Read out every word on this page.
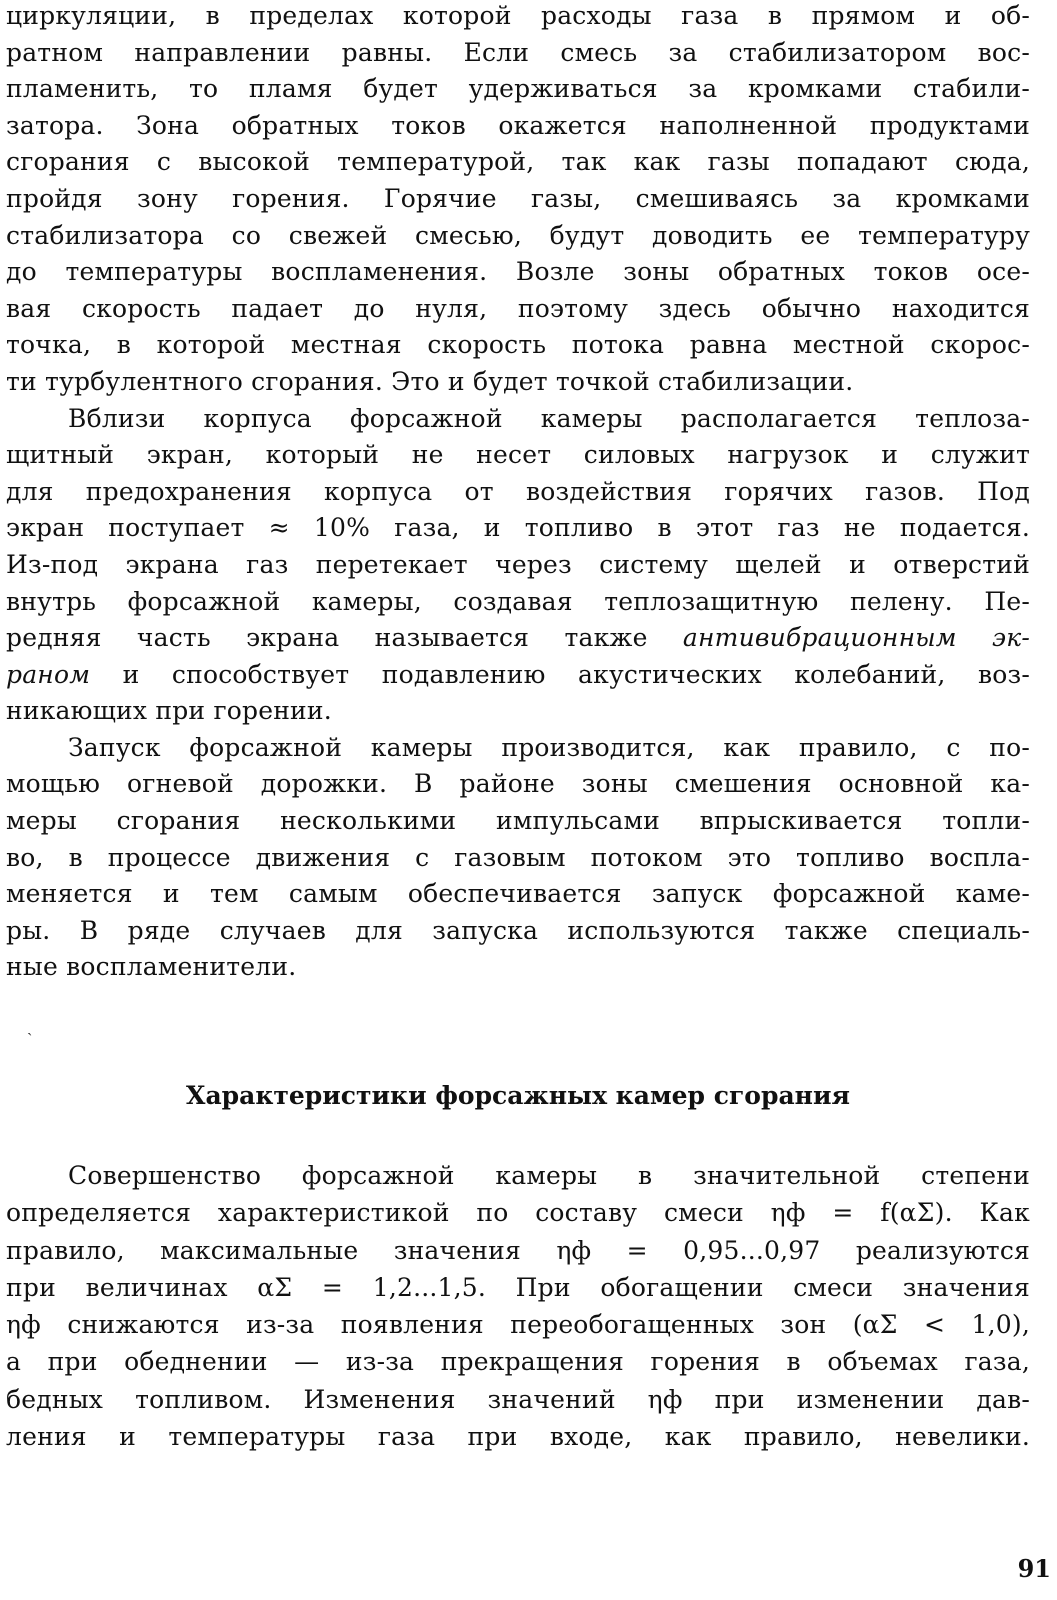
циркуляции, в пределах которой расходы газа в прямом и об-
ратном направлении равны. Если смесь за стабилизатором вос-
пламенить, то пламя будет удерживаться за кромками стабили-
затора. Зона обратных токов окажется наполненной продуктами
сгорания с высокой температурой, так как газы попадают сюда,
пройдя зону горения. Горячие газы, смешиваясь за кромками
стабилизатора со свежей смесью, будут доводить ее температуру
до температуры воспламенения. Возле зоны обратных токов осе-
вая скорость падает до нуля, поэтому здесь обычно находится
точка, в которой местная скорость потока равна местной скорос-
ти турбулентного сгорания. Это и будет точкой стабилизации.
Вблизи корпуса форсажной камеры располагается теплоза-
щитный экран, который не несет силовых нагрузок и служит
для предохранения корпуса от воздействия горячих газов. Под
экран поступает ≈ 10% газа, и топливо в этот газ не подается.
Из-под экрана газ перетекает через систему щелей и отверстий
внутрь форсажной камеры, создавая теплозащитную пелену. Пе-
редняя часть экрана называется также антивибрационным эк-
раном и способствует подавлению акустических колебаний, воз-
никающих при горении.
Запуск форсажной камеры производится, как правило, с по-
мощью огневой дорожки. В районе зоны смешения основной ка-
меры сгорания несколькими импульсами впрыскивается топли-
во, в процессе движения с газовым потоком это топливо воспла-
меняется и тем самым обеспечивается запуск форсажной каме-
ры. В ряде случаев для запуска используются также специаль-
ные воспламенители.
ˎ
Характеристики форсажных камер сгорания
Совершенство форсажной камеры в значительной степени
определяется характеристикой по составу смеси ηф = f(αΣ). Как
правило, максимальные значения ηф = 0,95...0,97 реализуются
при величинах αΣ = 1,2...1,5. При обогащении смеси значения
ηф снижаются из-за появления переобогащенных зон (αΣ < 1,0),
а при обеднении — из-за прекращения горения в объемах газа,
бедных топливом. Изменения значений ηф при изменении дав-
ления и температуры газа при входе, как правило, невелики.
91
